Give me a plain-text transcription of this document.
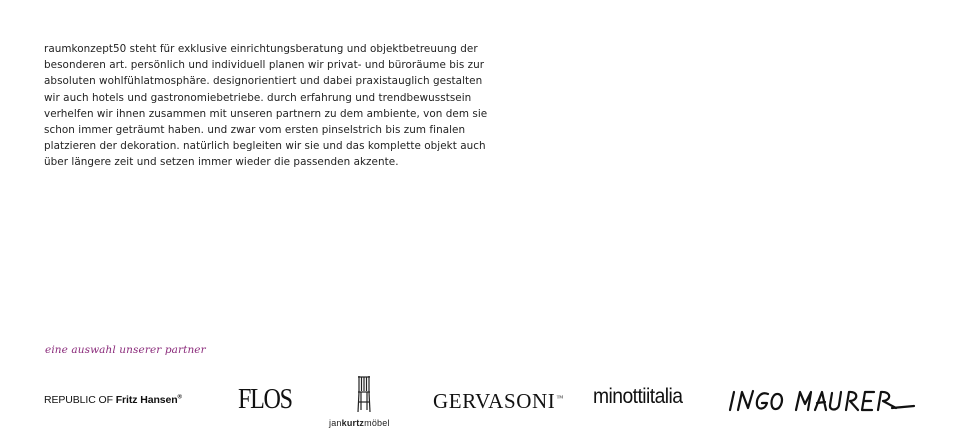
raumkonzept50 steht für exklusive einrichtungsberatung und objektbetreuung der
besonderen art. persönlich und individuell planen wir privat- und büroräume bis zur
absoluten wohlfühlatmosphäre. designorientiert und dabei praxistauglich gestalten
wir auch hotels und gastronomiebetriebe. durch erfahrung und trendbewusstsein
verhelfen wir ihnen zusammen mit unseren partnern zu dem ambiente, von dem sie
schon immer geträumt haben. und zwar vom ersten pinselstrich bis zum finalen
platzieren der dekoration. natürlich begleiten wir sie und das komplette objekt auch
über längere zeit und setzen immer wieder die passenden akzente.
eine auswahl unserer partner
REPUBLIC OF Fritz Hansen® FLOS
jankurtzmöbel
GERVASONI™ minottiitalia
